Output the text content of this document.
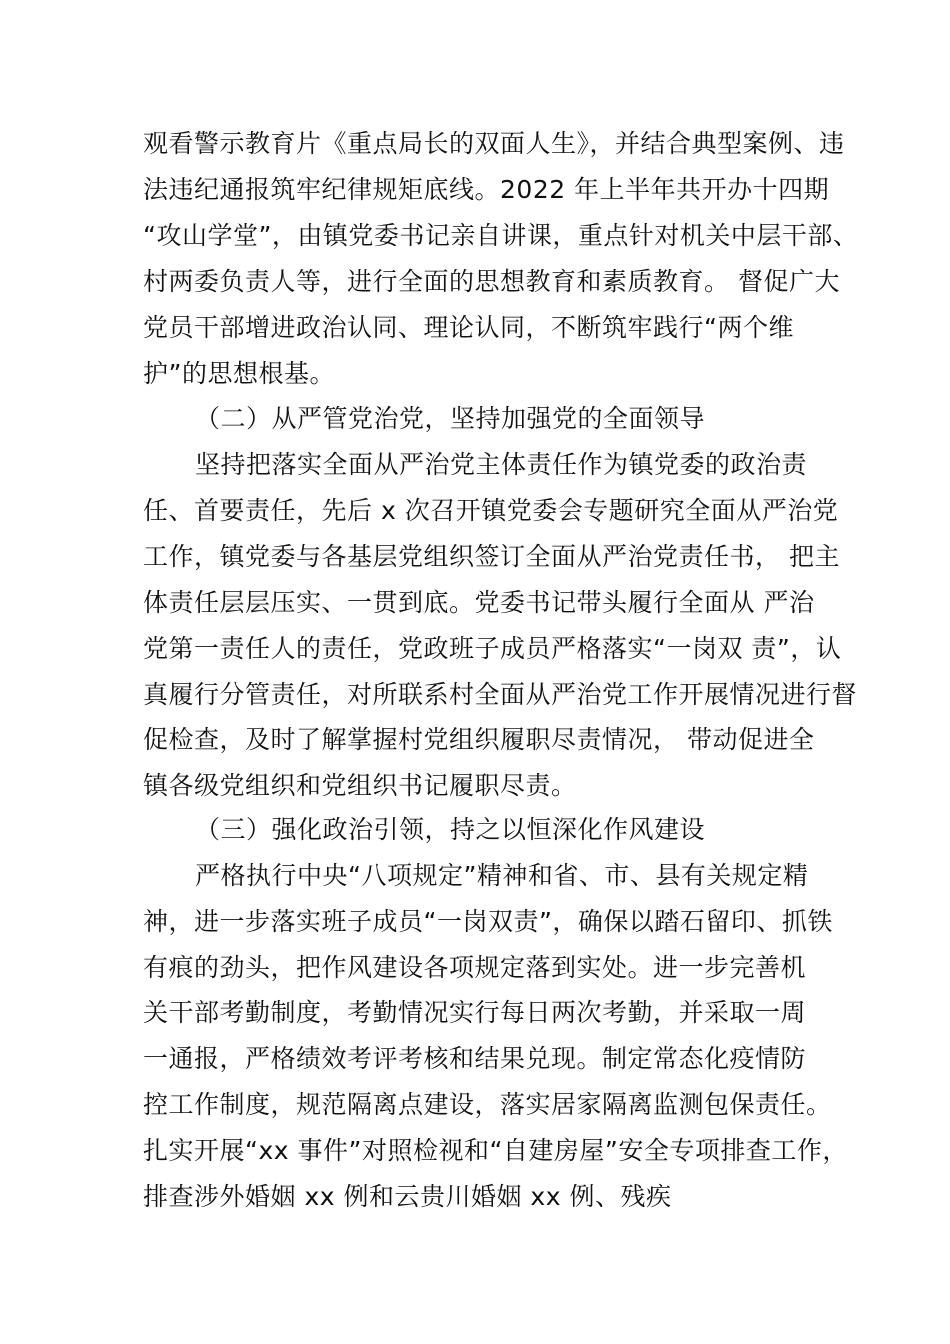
观看警示教育片《重点局长的双面人生》，并结合典型案例、违
法违纪通报筑牢纪律规矩底线。2022 年上半年共开办十四期
“攻山学堂”，由镇党委书记亲自讲课，重点针对机关中层干部、
村两委负责人等，进行全面的思想教育和素质教育。 督促广大
党员干部增进政治认同、理论认同，不断筑牢践行“两个维
护”的思想根基。
（二）从严管党治党，坚持加强党的全面领导
坚持把落实全面从严治党主体责任作为镇党委的政治责
任、首要责任，先后 x 次召开镇党委会专题研究全面从严治党
工作，镇党委与各基层党组织签订全面从严治党责任书， 把主
体责任层层压实、一贯到底。党委书记带头履行全面从 严治
党第一责任人的责任，党政班子成员严格落实“一岗双 责”，认
真履行分管责任，对所联系村全面从严治党工作开展情况进行督
促检查，及时了解掌握村党组织履职尽责情况， 带动促进全
镇各级党组织和党组织书记履职尽责。
（三）强化政治引领，持之以恒深化作风建设
严格执行中央“八项规定”精神和省、市、县有关规定精
神，进一步落实班子成员“一岗双责”，确保以踏石留印、抓铁
有痕的劲头，把作风建设各项规定落到实处。进一步完善机
关干部考勤制度，考勤情况实行每日两次考勤，并采取一周
一通报，严格绩效考评考核和结果兑现。制定常态化疫情防
控工作制度，规范隔离点建设，落实居家隔离监测包保责任。
扎实开展“xx 事件”对照检视和“自建房屋”安全专项排查工作，
排查涉外婚姻 xx 例和云贵川婚姻 xx 例、残疾
